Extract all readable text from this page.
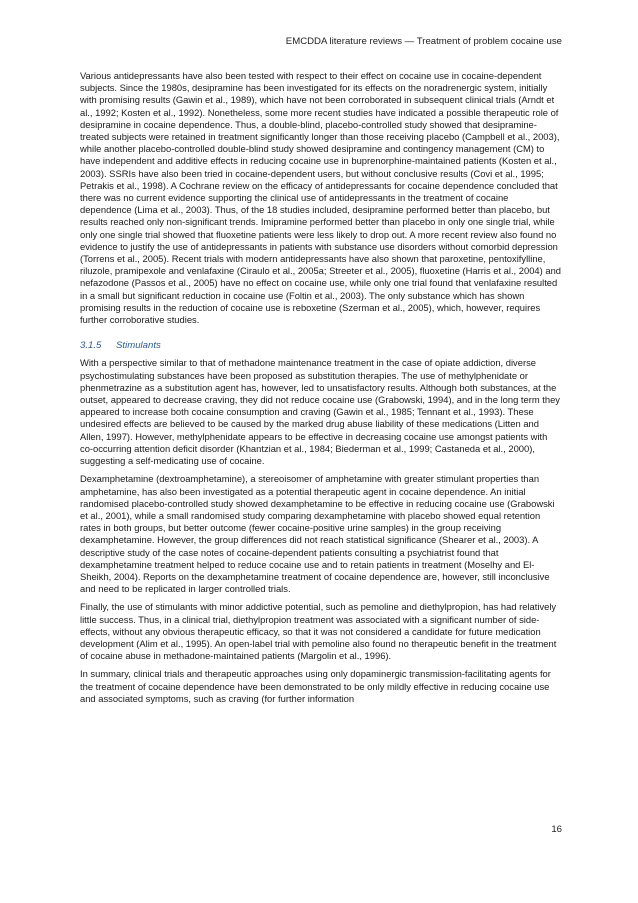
EMCDDA literature reviews — Treatment of problem cocaine use

Various antidepressants have also been tested with respect to their effect on cocaine use in cocaine-dependent subjects. Since the 1980s, desipramine has been investigated for its effects on the noradrenergic system, initially with promising results (Gawin et al., 1989), which have not been corroborated in subsequent clinical trials (Arndt et al., 1992; Kosten et al., 1992). Nonetheless, some more recent studies have indicated a possible therapeutic role of desipramine in cocaine dependence. Thus, a double-blind, placebo-controlled study showed that desipramine-treated subjects were retained in treatment significantly longer than those receiving placebo (Campbell et al., 2003), while another placebo-controlled double-blind study showed desipramine and contingency management (CM) to have independent and additive effects in reducing cocaine use in buprenorphine-maintained patients (Kosten et al., 2003). SSRIs have also been tried in cocaine-dependent users, but without conclusive results (Covi et al., 1995; Petrakis et al., 1998). A Cochrane review on the efficacy of antidepressants for cocaine dependence concluded that there was no current evidence supporting the clinical use of antidepressants in the treatment of cocaine dependence (Lima et al., 2003). Thus, of the 18 studies included, desipramine performed better than placebo, but results reached only non-significant trends. Imipramine performed better than placebo in only one single trial, while only one single trial showed that fluoxetine patients were less likely to drop out. A more recent review also found no evidence to justify the use of antidepressants in patients with substance use disorders without comorbid depression (Torrens et al., 2005). Recent trials with modern antidepressants have also shown that paroxetine, pentoxifylline, riluzole, pramipexole and venlafaxine (Ciraulo et al., 2005a; Streeter et al., 2005), fluoxetine (Harris et al., 2004) and nefazodone (Passos et al., 2005) have no effect on cocaine use, while only one trial found that venlafaxine resulted in a small but significant reduction in cocaine use (Foltin et al., 2003). The only substance which has shown promising results in the reduction of cocaine use is reboxetine (Szerman et al., 2005), which, however, requires further corroborative studies.

3.1.5 Stimulants

With a perspective similar to that of methadone maintenance treatment in the case of opiate addiction, diverse psychostimulating substances have been proposed as substitution therapies. The use of methylphenidate or phenmetrazine as a substitution agent has, however, led to unsatisfactory results. Although both substances, at the outset, appeared to decrease craving, they did not reduce cocaine use (Grabowski, 1994), and in the long term they appeared to increase both cocaine consumption and craving (Gawin et al., 1985; Tennant et al., 1993). These undesired effects are believed to be caused by the marked drug abuse liability of these medications (Litten and Allen, 1997). However, methylphenidate appears to be effective in decreasing cocaine use amongst patients with co-occurring attention deficit disorder (Khantzian et al., 1984; Biederman et al., 1999; Castaneda et al., 2000), suggesting a self-medicating use of cocaine.

Dexamphetamine (dextroamphetamine), a stereoisomer of amphetamine with greater stimulant properties than amphetamine, has also been investigated as a potential therapeutic agent in cocaine dependence. An initial randomised placebo-controlled study showed dexamphetamine to be effective in reducing cocaine use (Grabowski et al., 2001), while a small randomised study comparing dexamphetamine with placebo showed equal retention rates in both groups, but better outcome (fewer cocaine-positive urine samples) in the group receiving dexamphetamine. However, the group differences did not reach statistical significance (Shearer et al., 2003). A descriptive study of the case notes of cocaine-dependent patients consulting a psychiatrist found that dexamphetamine treatment helped to reduce cocaine use and to retain patients in treatment (Moselhy and El-Sheikh, 2004). Reports on the dexamphetamine treatment of cocaine dependence are, however, still inconclusive and need to be replicated in larger controlled trials.

Finally, the use of stimulants with minor addictive potential, such as pemoline and diethylpropion, has had relatively little success. Thus, in a clinical trial, diethylpropion treatment was associated with a significant number of side-effects, without any obvious therapeutic efficacy, so that it was not considered a candidate for future medication development (Alim et al., 1995). An open-label trial with pemoline also found no therapeutic benefit in the treatment of cocaine abuse in methadone-maintained patients (Margolin et al., 1996).

In summary, clinical trials and therapeutic approaches using only dopaminergic transmission-facilitating agents for the treatment of cocaine dependence have been demonstrated to be only mildly effective in reducing cocaine use and associated symptoms, such as craving (for further information

16
